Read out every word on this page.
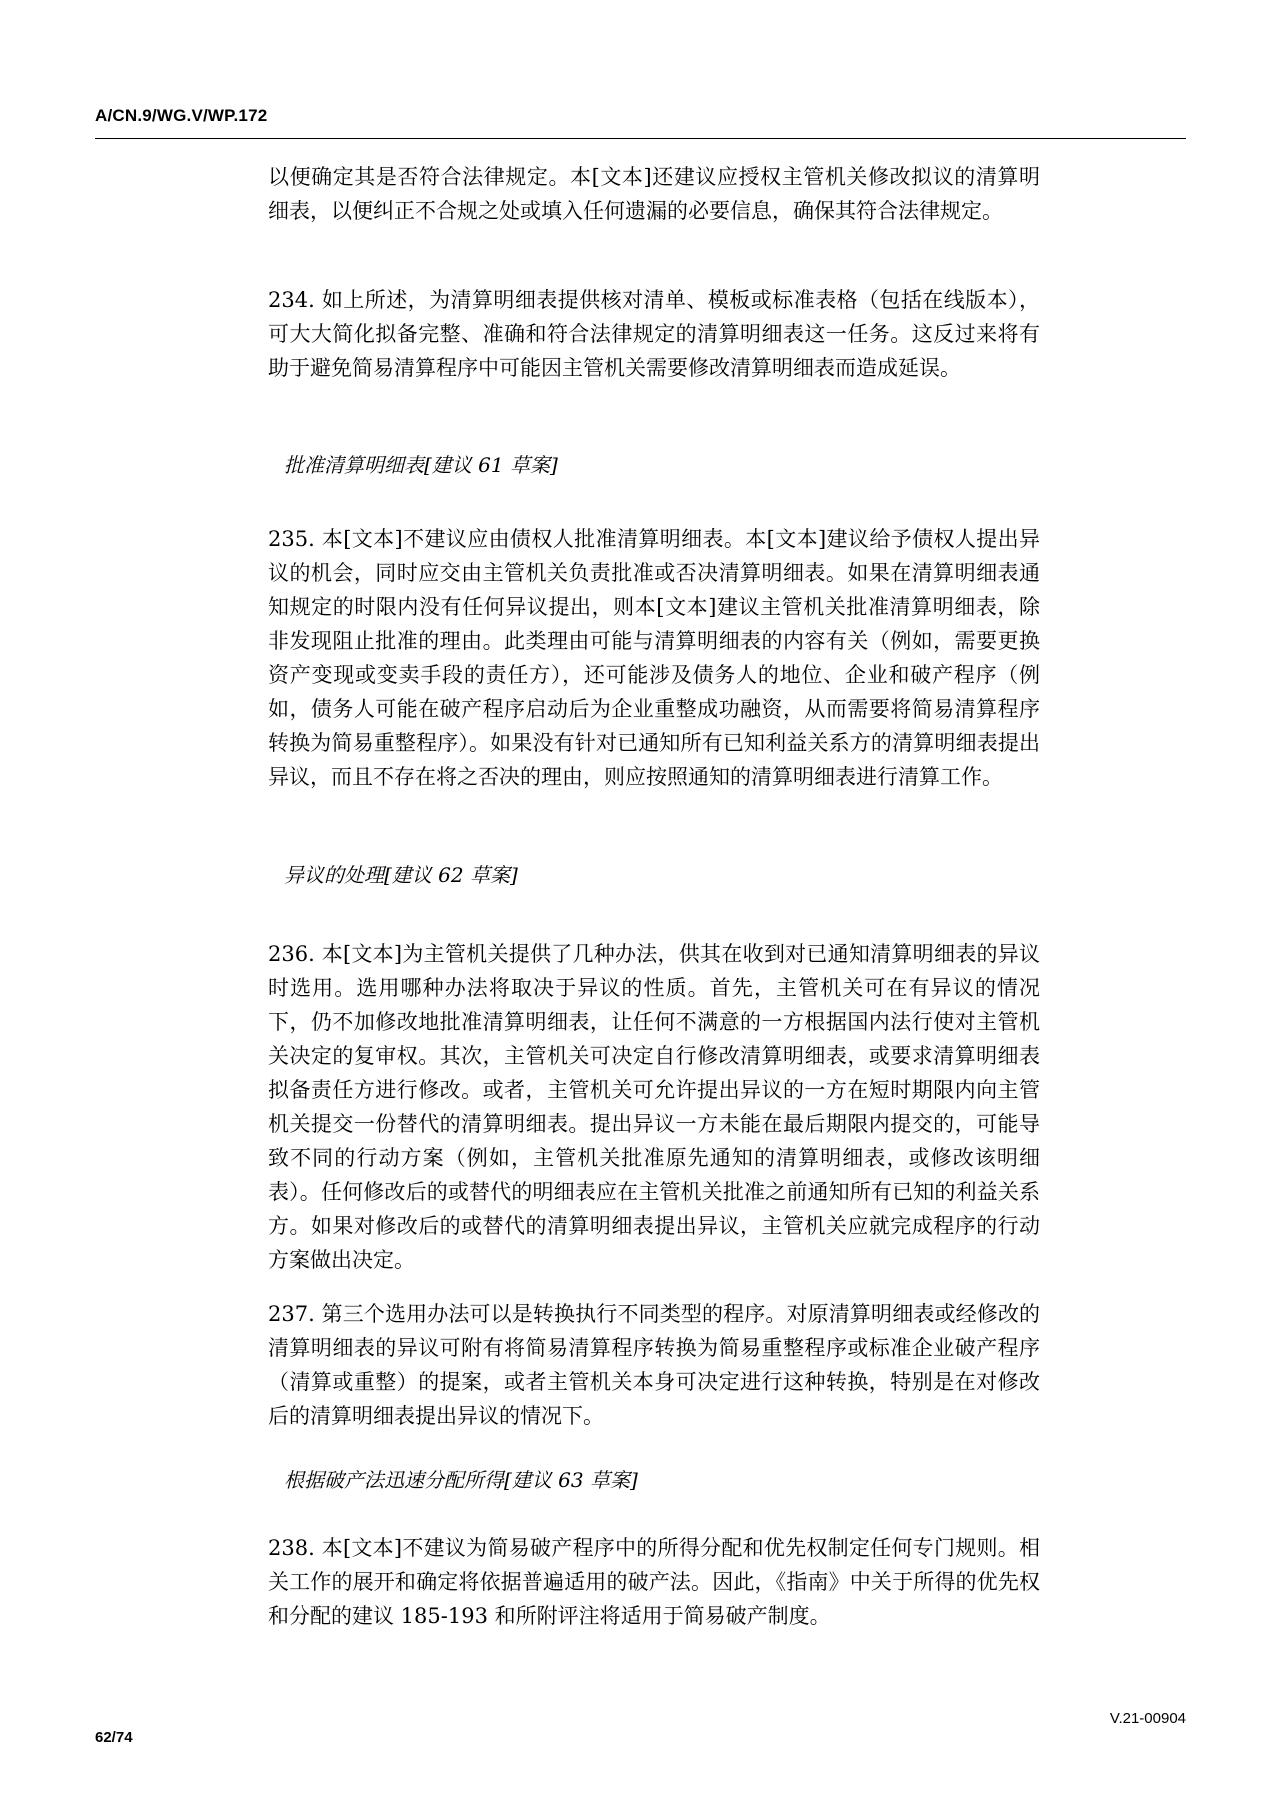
A/CN.9/WG.V/WP.172

以便确定其是否符合法律规定。本[文本]还建议应授权主管机关修改拟议的清算明细表，以便纠正不合规之处或填入任何遗漏的必要信息，确保其符合法律规定。

234. 如上所述，为清算明细表提供核对清单、模板或标准表格（包括在线版本），可大大简化拟备完整、准确和符合法律规定的清算明细表这一任务。这反过来将有助于避免简易清算程序中可能因主管机关需要修改清算明细表而造成延误。

批准清算明细表[建议 61 草案]

235. 本[文本]不建议应由债权人批准清算明细表。本[文本]建议给予债权人提出异议的机会，同时应交由主管机关负责批准或否决清算明细表。如果在清算明细表通知规定的时限内没有任何异议提出，则本[文本]建议主管机关批准清算明细表，除非发现阻止批准的理由。此类理由可能与清算明细表的内容有关（例如，需要更换资产变现或变卖手段的责任方），还可能涉及债务人的地位、企业和破产程序（例如，债务人可能在破产程序启动后为企业重整成功融资，从而需要将简易清算程序转换为简易重整程序）。如果没有针对已通知所有已知利益关系方的清算明细表提出异议，而且不存在将之否决的理由，则应按照通知的清算明细表进行清算工作。

异议的处理[建议 62 草案]

236. 本[文本]为主管机关提供了几种办法，供其在收到对已通知清算明细表的异议时选用。选用哪种办法将取决于异议的性质。首先，主管机关可在有异议的情况下，仍不加修改地批准清算明细表，让任何不满意的一方根据国内法行使对主管机关决定的复审权。其次，主管机关可决定自行修改清算明细表，或要求清算明细表拟备责任方进行修改。或者，主管机关可允许提出异议的一方在短时期限内向主管机关提交一份替代的清算明细表。提出异议一方未能在最后期限内提交的，可能导致不同的行动方案（例如，主管机关批准原先通知的清算明细表，或修改该明细表）。任何修改后的或替代的明细表应在主管机关批准之前通知所有已知的利益关系方。如果对修改后的或替代的清算明细表提出异议，主管机关应就完成程序的行动方案做出决定。

237. 第三个选用办法可以是转换执行不同类型的程序。对原清算明细表或经修改的清算明细表的异议可附有将简易清算程序转换为简易重整程序或标准企业破产程序（清算或重整）的提案，或者主管机关本身可决定进行这种转换，特别是在对修改后的清算明细表提出异议的情况下。

根据破产法迅速分配所得[建议 63 草案]

238. 本[文本]不建议为简易破产程序中的所得分配和优先权制定任何专门规则。相关工作的展开和确定将依据普遍适用的破产法。因此，《指南》中关于所得的优先权和分配的建议 185-193 和所附评注将适用于简易破产制度。

62/74
V.21-00904
